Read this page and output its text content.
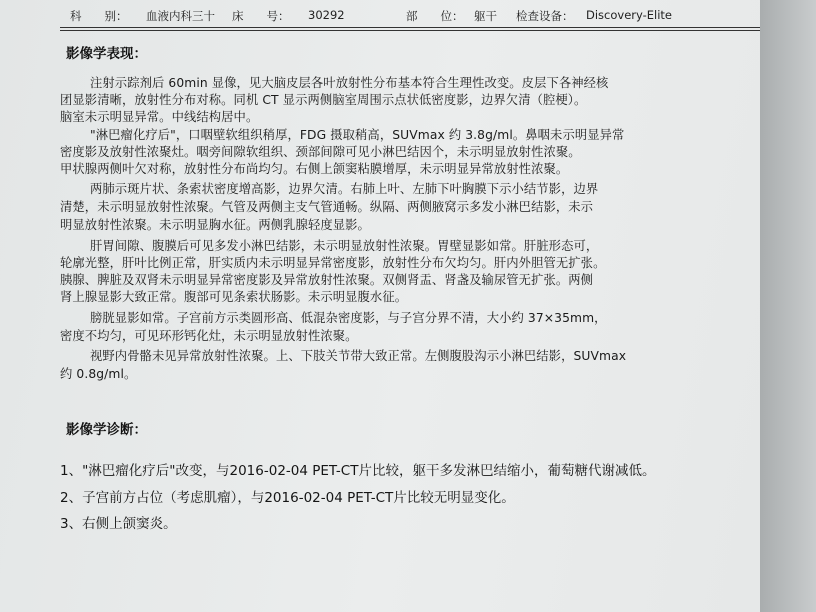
科　　别： 血液内科三十 床　　号： 30292	部　　位： 躯干 检查设备： Discovery-Elite
影像学表现：
注射示踪剂后 60min 显像，见大脑皮层各叶放射性分布基本符合生理性改变。皮层下各神经核
团显影清晰，放射性分布对称。同机 CT 显示两侧脑室周围示点状低密度影，边界欠清（腔梗）。
脑室未示明显异常。中线结构居中。
"淋巴瘤化疗后"，口咽壁软组织稍厚，FDG 摄取稍高，SUVmax 约 3.8g/ml。鼻咽未示明显异常
密度影及放射性浓聚灶。咽旁间隙软组织、颈部间隙可见小淋巴结因个，未示明显放射性浓聚。
甲状腺两侧叶欠对称，放射性分布尚均匀。右侧上颌窦粘膜增厚，未示明显异常放射性浓聚。
两肺示斑片状、条索状密度增高影，边界欠清。右肺上叶、左肺下叶胸膜下示小结节影，边界
清楚，未示明显放射性浓聚。气管及两侧主支气管通畅。纵隔、两侧腋窝示多发小淋巴结影，未示
明显放射性浓聚。未示明显胸水征。两侧乳腺轻度显影。
肝胃间隙、腹膜后可见多发小淋巴结影，未示明显放射性浓聚。胃壁显影如常。肝脏形态可，
轮廓光整，肝叶比例正常，肝实质内未示明显异常密度影，放射性分布欠均匀。肝内外胆管无扩张。
胰腺、脾脏及双肾未示明显异常密度影及异常放射性浓聚。双侧肾盂、肾盏及输尿管无扩张。两侧
肾上腺显影大致正常。腹部可见条索状肠影。未示明显腹水征。
膀胱显影如常。子宫前方示类圆形高、低混杂密度影，与子宫分界不清，大小约 37×35mm，
密度不均匀，可见环形钙化灶，未示明显放射性浓聚。
视野内骨骼未见异常放射性浓聚。上、下肢关节带大致正常。左侧腹股沟示小淋巴结影，SUVmax
约 0.8g/ml。
影像学诊断：
1、"淋巴瘤化疗后"改变，与2016-02-04 PET-CT片比较，躯干多发淋巴结缩小，葡萄糖代谢减低。
2、子宫前方占位（考虑肌瘤），与2016-02-04 PET-CT片比较无明显变化。
3、右侧上颌窦炎。
